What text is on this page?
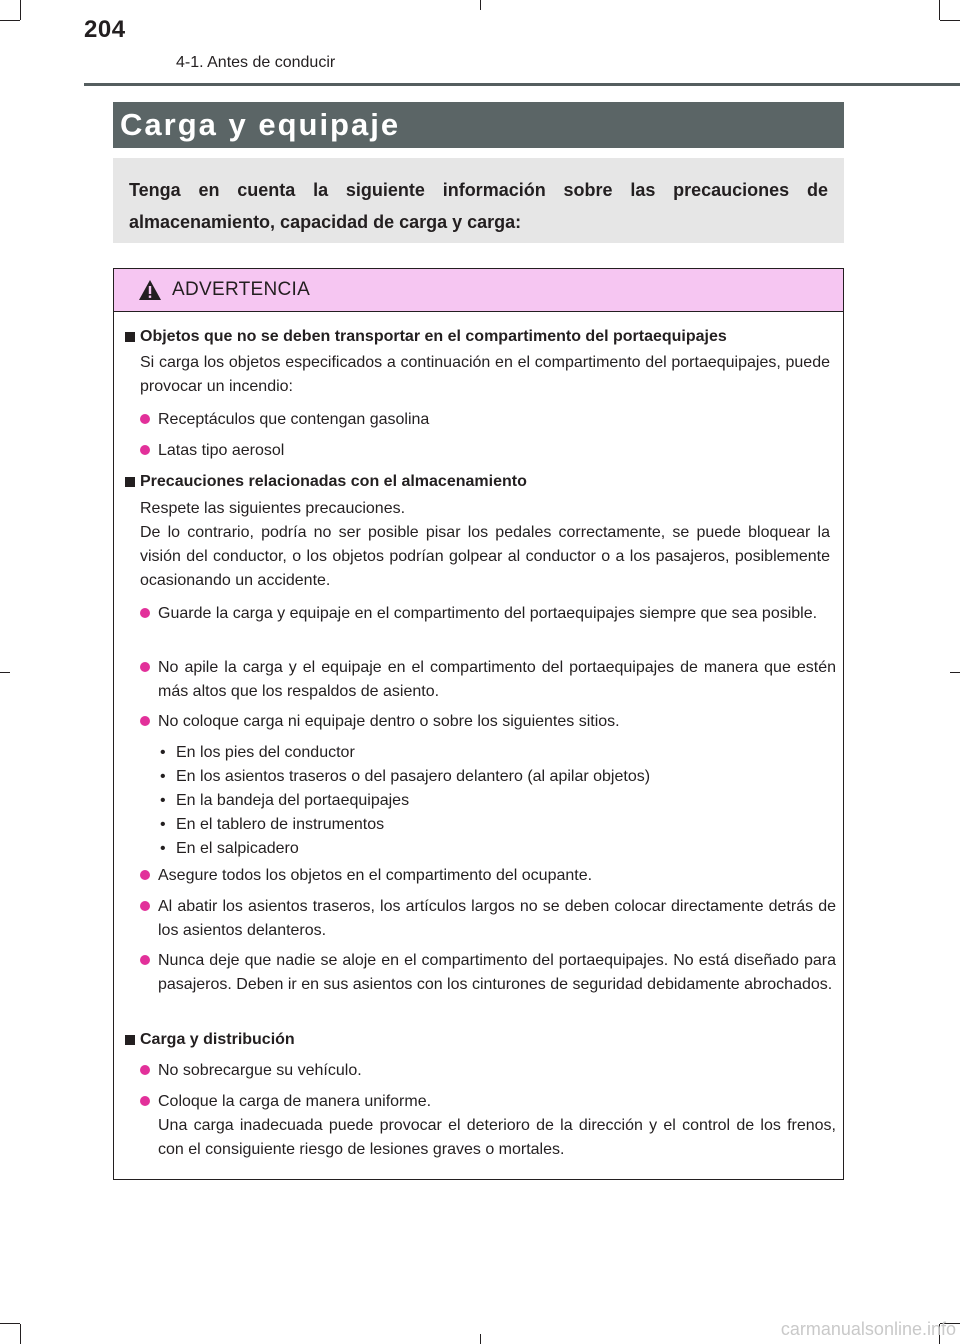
204
4-1. Antes de conducir
Carga y equipaje
Tenga en cuenta la siguiente información sobre las precauciones de almacenamiento, capacidad de carga y carga:
ADVERTENCIA
Objetos que no se deben transportar en el compartimento del portaequipajes
Si carga los objetos especificados a continuación en el compartimento del portaequipajes, puede provocar un incendio:
Receptáculos que contengan gasolina
Latas tipo aerosol
Precauciones relacionadas con el almacenamiento
Respete las siguientes precauciones.
De lo contrario, podría no ser posible pisar los pedales correctamente, se puede bloquear la visión del conductor, o los objetos podrían golpear al conductor o a los pasajeros, posiblemente ocasionando un accidente.
Guarde la carga y equipaje en el compartimento del portaequipajes siempre que sea posible.
No apile la carga y el equipaje en el compartimento del portaequipajes de manera que estén más altos que los respaldos de asiento.
No coloque carga ni equipaje dentro o sobre los siguientes sitios.
• En los pies del conductor
• En los asientos traseros o del pasajero delantero (al apilar objetos)
• En la bandeja del portaequipajes
• En el tablero de instrumentos
• En el salpicadero
Asegure todos los objetos en el compartimento del ocupante.
Al abatir los asientos traseros, los artículos largos no se deben colocar directamente detrás de los asientos delanteros.
Nunca deje que nadie se aloje en el compartimento del portaequipajes. No está diseñado para pasajeros. Deben ir en sus asientos con los cinturones de seguridad debidamente abrochados.
Carga y distribución
No sobrecargue su vehículo.
Coloque la carga de manera uniforme.
Una carga inadecuada puede provocar el deterioro de la dirección y el control de los frenos, con el consiguiente riesgo de lesiones graves o mortales.
carmanualsonline.info
